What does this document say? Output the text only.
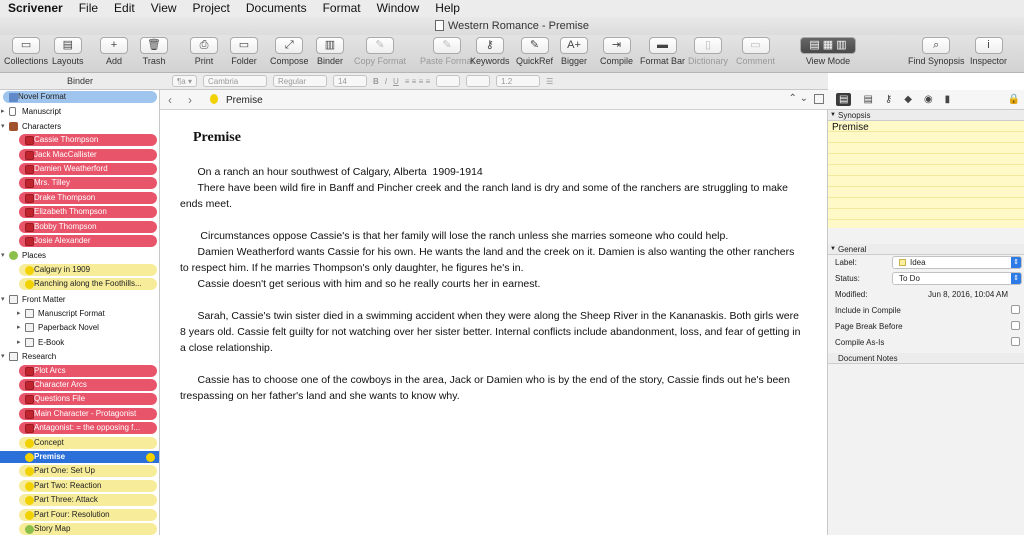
Scrivener File Edit View Project Documents Format Window Help
Western Romance - Premise
▭
Collections
▤
Layouts
+
Add
🗑
Trash
⎙
Print
▭
Folder
⤢
Compose
▥
Binder
✎
Copy Format
✎
Paste Format
⚷
Keywords
✎
QuickRef
A+
Bigger
⇥
Compile
▬
Format Bar
▯
Dictionary
▭
Comment
▤ ▦ ▥
View Mode
⌕
Find Synopsis
i
Inspector
Binder	¶a ▾	Cambria	Regular	14	B I U ≡ ≡ ≡ ≡	1.2	☰
Novel Format
▸ Manuscript
▾ Characters
Cassie Thompson
Jack MacCallister
Damien Weatherford
Mrs. Tilley
Drake Thompson
Elizabeth Thompson
Bobby Thompson
Josie Alexander
▾ Places
Calgary in 1909
Ranching along the Foothills...
▾ Front Matter
▸ Manuscript Format
▸ Paperback Novel
▸ E-Book
▾ Research
Plot Arcs
Character Arcs
Questions File
Main Character - Protagonist
Antagonist: = the opposing f...
Concept
Premise
Part One: Set Up
Part Two: Reaction
Part Three: Attack
Part Four: Resolution
Story Map
‹ ›	Premise	⌃ ⌄
Premise
On a ranch an hour southwest of Calgary, Alberta  1909-1914
There have been wild fire in Banff and Pincher creek and the ranch land is dry and some of the ranchers are struggling to make ends meet.
Circumstances oppose Cassie's is that her family will lose the ranch unless she marries someone who could help.
Damien Weatherford wants Cassie for his own. He wants the land and the creek on it. Damien is also wanting the other ranchers to respect him. If he marries Thompson's only daughter, he figures he's in.
Cassie doesn't get serious with him and so he really courts her in earnest.
Sarah, Cassie's twin sister died in a swimming accident when they were along the Sheep River in the Kananaskis. Both girls were 8 years old. Cassie felt guilty for not watching over her sister better. Internal conflicts include abandonment, loss, and fear of getting in a close relationship.
Cassie has to choose one of the cowboys in the area, Jack or Damien who is by the end of the story, Cassie finds out he's been trespassing on her father's land and she wants to know why.
▤	▤ ⚷ ◆ ◉ ▮	🔒
▼ Synopsis
Premise
▼ General
Label:	Idea	⇕
Status:	To Do	⇕
Modified:	Jun 8, 2016, 10:04 AM
Include in Compile
Page Break Before
Compile As-Is
Document Notes
